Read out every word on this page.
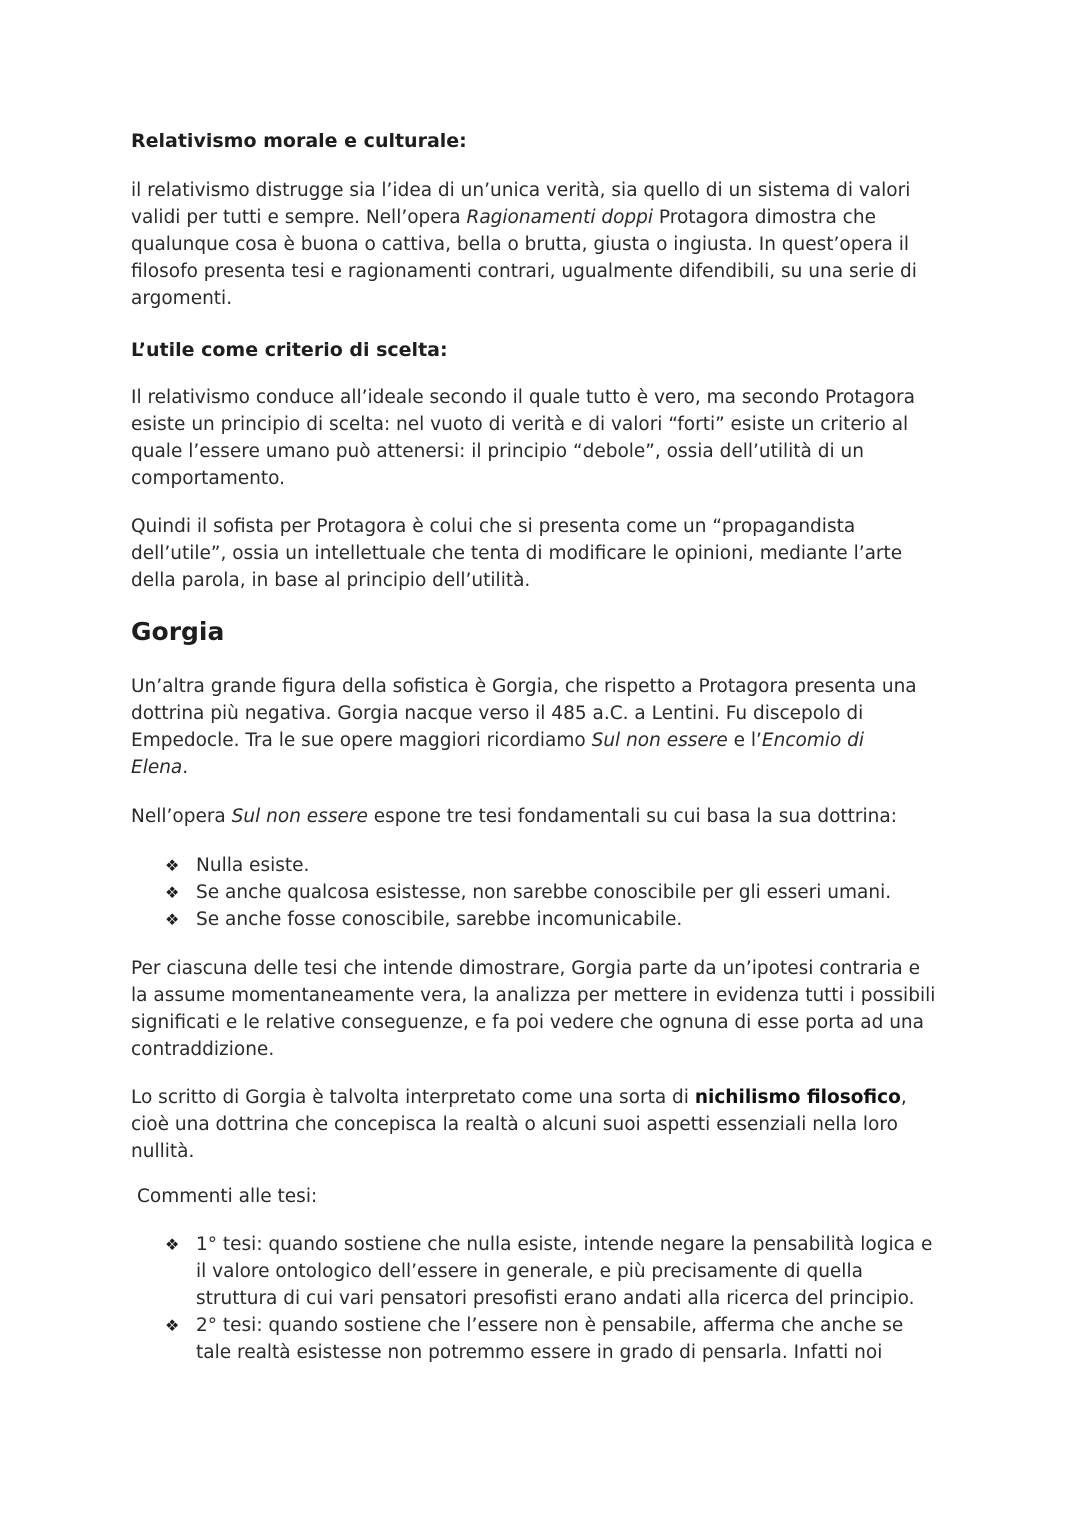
Relativismo morale e culturale:
il relativismo distrugge sia l’idea di un’unica verità, sia quello di un sistema di valori
validi per tutti e sempre. Nell’opera Ragionamenti doppi Protagora dimostra che
qualunque cosa è buona o cattiva, bella o brutta, giusta o ingiusta. In quest’opera il
filosofo presenta tesi e ragionamenti contrari, ugualmente difendibili, su una serie di
argomenti.
L’utile come criterio di scelta:
Il relativismo conduce all’ideale secondo il quale tutto è vero, ma secondo Protagora
esiste un principio di scelta: nel vuoto di verità e di valori “forti” esiste un criterio al
quale l’essere umano può attenersi: il principio “debole”, ossia dell’utilità di un
comportamento.
Quindi il sofista per Protagora è colui che si presenta come un “propagandista
dell’utile”, ossia un intellettuale che tenta di modificare le opinioni, mediante l’arte
della parola, in base al principio dell’utilità.
Gorgia
Un’altra grande figura della sofistica è Gorgia, che rispetto a Protagora presenta una
dottrina più negativa. Gorgia nacque verso il 485 a.C. a Lentini. Fu discepolo di
Empedocle. Tra le sue opere maggiori ricordiamo Sul non essere e l’Encomio di
Elena.
Nell’opera Sul non essere espone tre tesi fondamentali su cui basa la sua dottrina:
❖ Nulla esiste.
❖ Se anche qualcosa esistesse, non sarebbe conoscibile per gli esseri umani.
❖ Se anche fosse conoscibile, sarebbe incomunicabile.
Per ciascuna delle tesi che intende dimostrare, Gorgia parte da un’ipotesi contraria e
la assume momentaneamente vera, la analizza per mettere in evidenza tutti i possibili
significati e le relative conseguenze, e fa poi vedere che ognuna di esse porta ad una
contraddizione.
Lo scritto di Gorgia è talvolta interpretato come una sorta di nichilismo filosofico,
cioè una dottrina che concepisca la realtà o alcuni suoi aspetti essenziali nella loro
nullità.
Commenti alle tesi:
❖ 1° tesi: quando sostiene che nulla esiste, intende negare la pensabilità logica e
il valore ontologico dell’essere in generale, e più precisamente di quella
struttura di cui vari pensatori presofisti erano andati alla ricerca del principio.
❖ 2° tesi: quando sostiene che l’essere non è pensabile, afferma che anche se
tale realtà esistesse non potremmo essere in grado di pensarla. Infatti noi
